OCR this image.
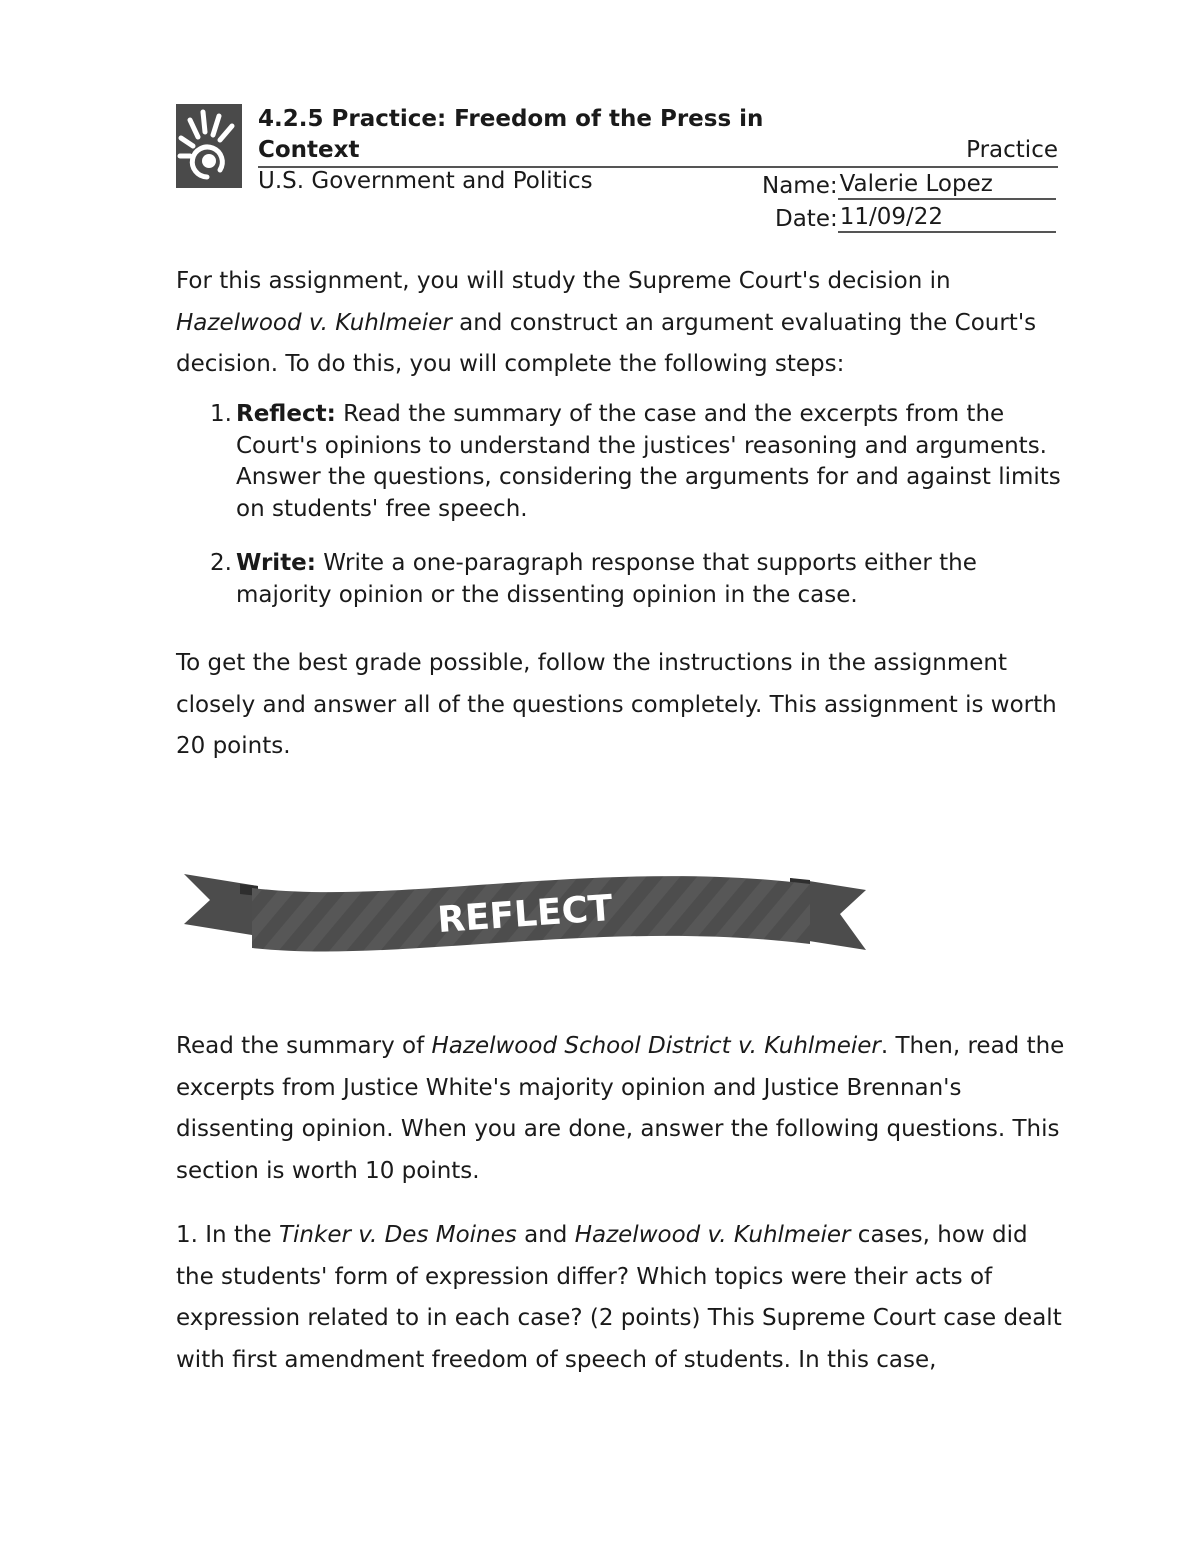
4.2.5 Practice: Freedom of the Press in
Context	Practice
U.S. Government and Politics	Name: Valerie Lopez
Date: 11/09/22

For this assignment, you will study the Supreme Court's decision in Hazelwood v. Kuhlmeier and construct an argument evaluating the Court's decision. To do this, you will complete the following steps:

1. Reflect: Read the summary of the case and the excerpts from the Court's opinions to understand the justices' reasoning and arguments. Answer the questions, considering the arguments for and against limits on students' free speech.
2. Write: Write a one-paragraph response that supports either the majority opinion or the dissenting opinion in the case.

To get the best grade possible, follow the instructions in the assignment closely and answer all of the questions completely. This assignment is worth 20 points.

REFLECT

Read the summary of Hazelwood School District v. Kuhlmeier. Then, read the excerpts from Justice White's majority opinion and Justice Brennan's dissenting opinion. When you are done, answer the following questions. This section is worth 10 points.

1. In the Tinker v. Des Moines and Hazelwood v. Kuhlmeier cases, how did the students' form of expression differ? Which topics were their acts of expression related to in each case? (2 points) This Supreme Court case dealt with first amendment freedom of speech of students. In this case,
